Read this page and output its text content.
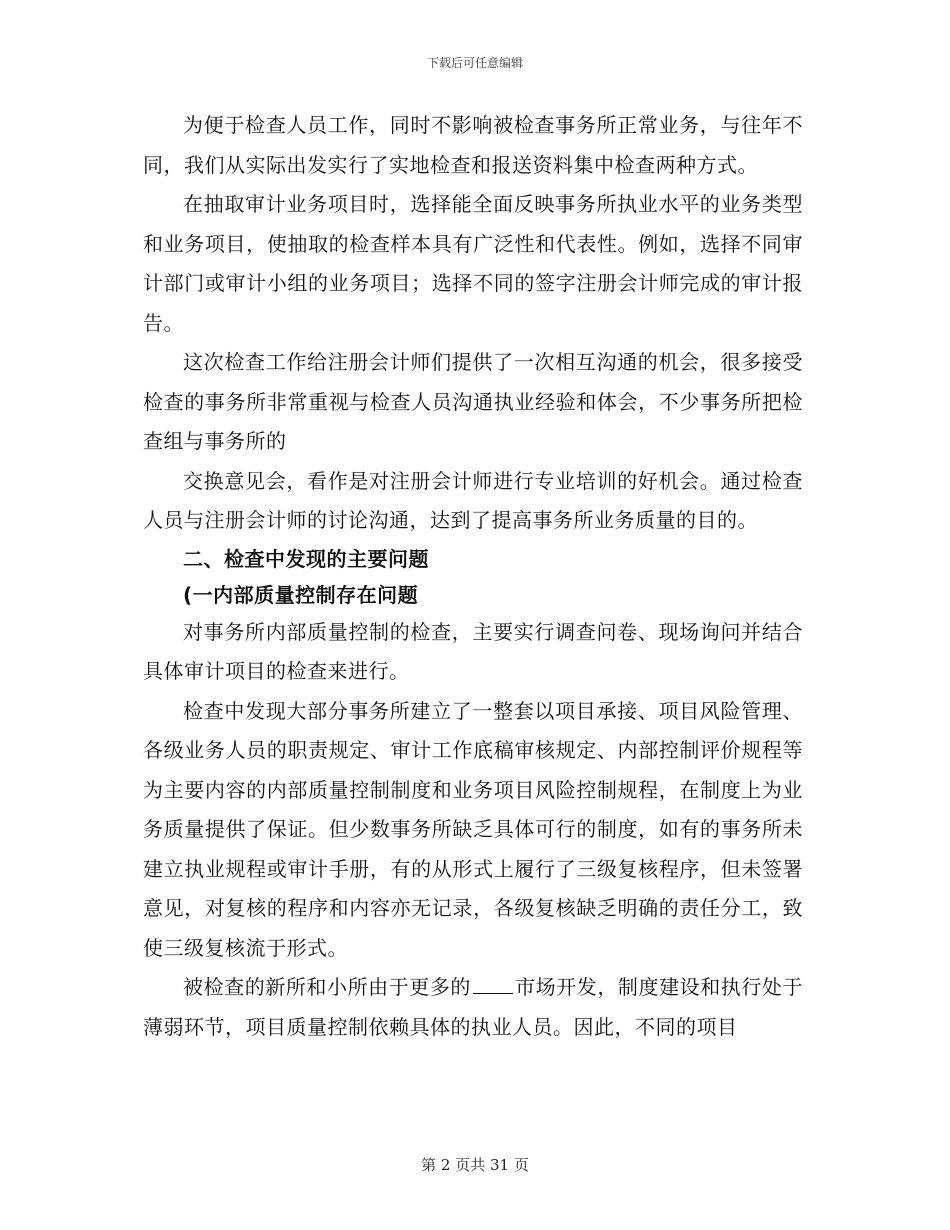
下载后可任意编辑

为便于检查人员工作，同时不影响被检查事务所正常业务，与往年不同，我们从实际出发实行了实地检查和报送资料集中检查两种方式。

在抽取审计业务项目时，选择能全面反映事务所执业水平的业务类型和业务项目，使抽取的检查样本具有广泛性和代表性。例如，选择不同审计部门或审计小组的业务项目；选择不同的签字注册会计师完成的审计报告。

这次检查工作给注册会计师们提供了一次相互沟通的机会，很多接受检查的事务所非常重视与检查人员沟通执业经验和体会，不少事务所把检查组与事务所的

交换意见会，看作是对注册会计师进行专业培训的好机会。通过检查人员与注册会计师的讨论沟通，达到了提高事务所业务质量的目的。

二、检查中发现的主要问题

(一内部质量控制存在问题

对事务所内部质量控制的检查，主要实行调查问卷、现场询问并结合具体审计项目的检查来进行。

检查中发现大部分事务所建立了一整套以项目承接、项目风险管理、各级业务人员的职责规定、审计工作底稿审核规定、内部控制评价规程等为主要内容的内部质量控制制度和业务项目风险控制规程，在制度上为业务质量提供了保证。但少数事务所缺乏具体可行的制度，如有的事务所未建立执业规程或审计手册，有的从形式上履行了三级复核程序，但未签署意见，对复核的程序和内容亦无记录，各级复核缺乏明确的责任分工，致使三级复核流于形式。

被检查的新所和小所由于更多的 市场开发，制度建设和执行处于薄弱环节，项目质量控制依赖具体的执业人员。因此，不同的项目

第 2 页共 31 页
